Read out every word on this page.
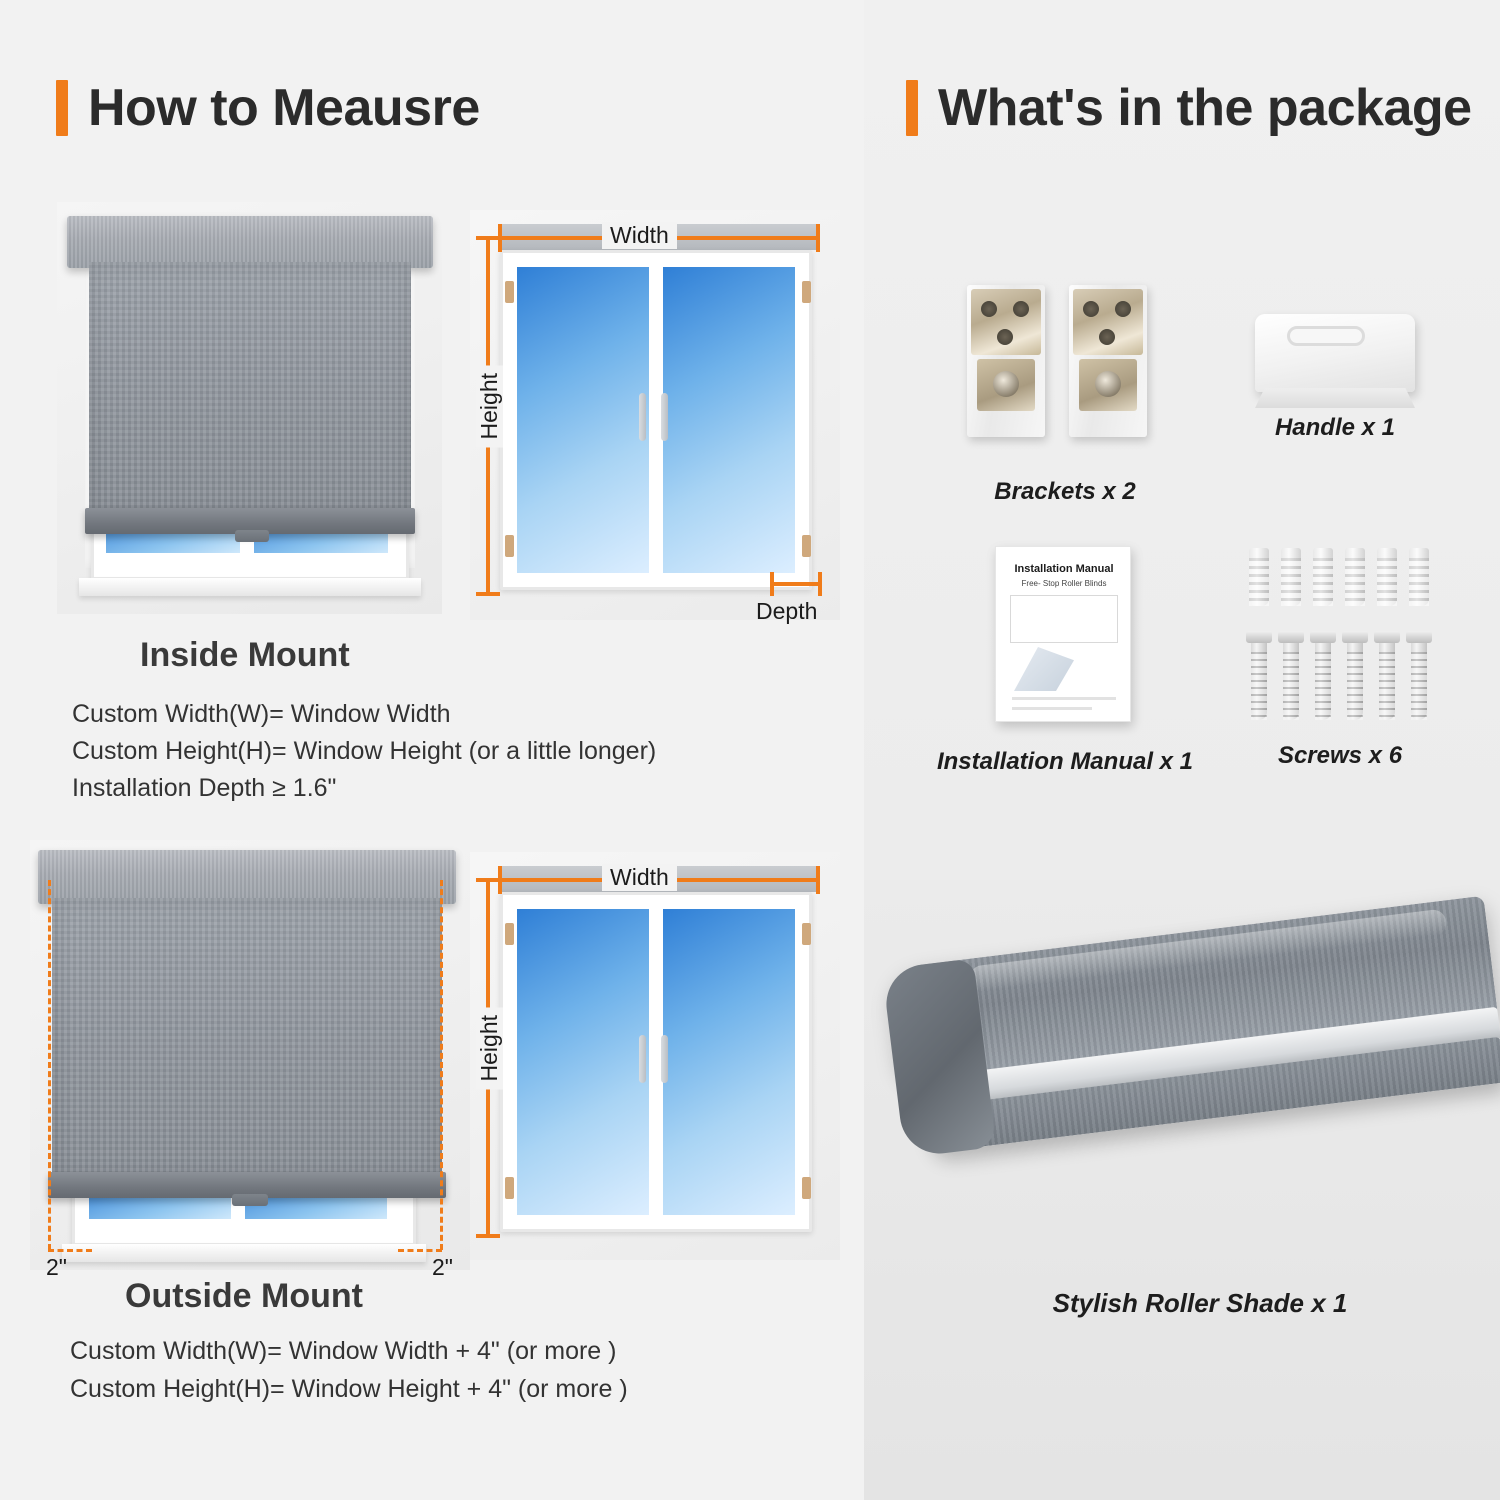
How to Meausre
Width
Height
Depth
Inside Mount
Custom Width(W)= Window Width
Custom Height(H)= Window Height (or a little longer)
Installation Depth ≥ 1.6"
2"	2"
Width
Height
Outside Mount
Custom Width(W)= Window Width + 4" (or more )
Custom Height(H)= Window Height + 4" (or more )
What's in the package
Brackets x 2
Handle x 1
Installation Manual
Free- Stop Roller Blinds
Installation Manual x 1	Screws x 6
Stylish Roller Shade x 1
